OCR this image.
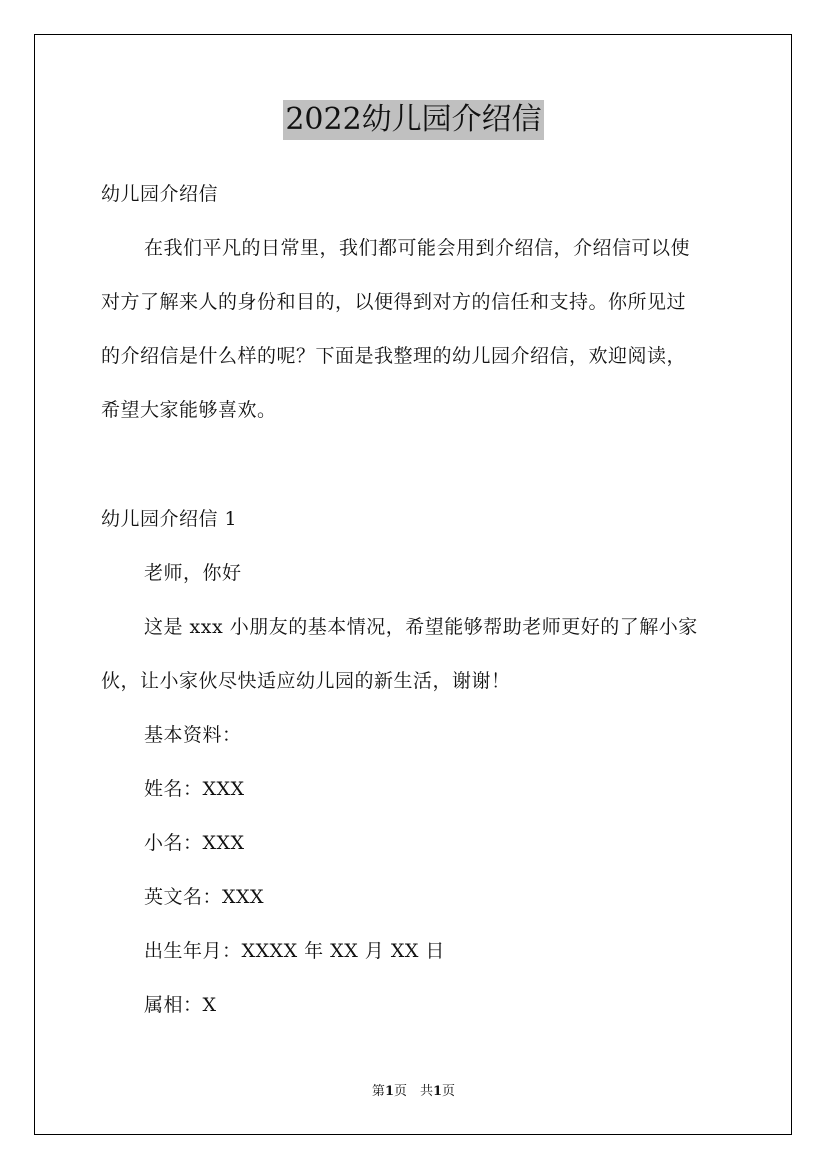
2022幼儿园介绍信
幼儿园介绍信
在我们平凡的日常里，我们都可能会用到介绍信，介绍信可以使
对方了解来人的身份和目的，以便得到对方的信任和支持。你所见过
的介绍信是什么样的呢？下面是我整理的幼儿园介绍信，欢迎阅读，
希望大家能够喜欢。
幼儿园介绍信 1
老师，你好
这是 xxx 小朋友的基本情况，希望能够帮助老师更好的了解小家
伙，让小家伙尽快适应幼儿园的新生活，谢谢！
基本资料：
姓名：XXX
小名：XXX
英文名：XXX
出生年月：XXXX 年 XX 月 XX 日
属相：X
第1页　共1页
